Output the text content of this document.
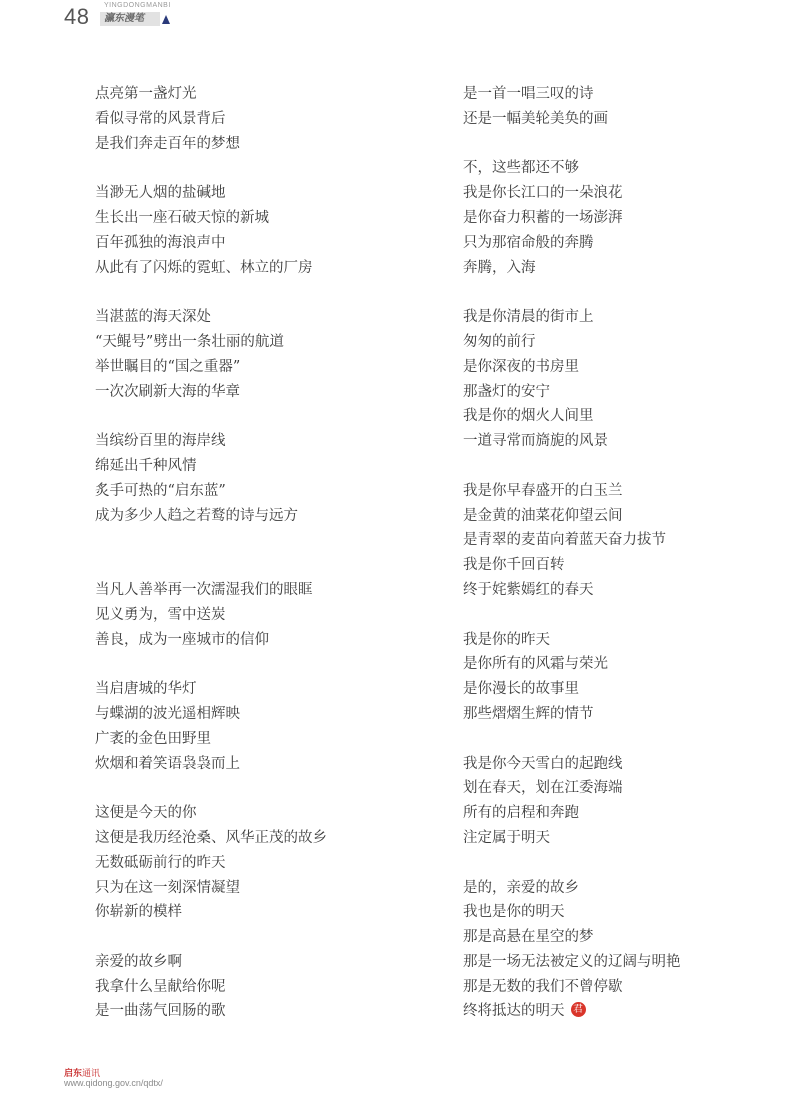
48 YINGDONGMANBI
瀛东漫笔
点亮第一盏灯光
看似寻常的风景背后
是我们奔走百年的梦想
当渺无人烟的盐碱地
生长出一座石破天惊的新城
百年孤独的海浪声中
从此有了闪烁的霓虹、林立的厂房
当湛蓝的海天深处
“天鲲号”劈出一条壮丽的航道
举世瞩目的“国之重器”
一次次刷新大海的华章
当缤纷百里的海岸线
绵延出千种风情
炙手可热的“启东蓝”
成为多少人趋之若鹜的诗与远方
当凡人善举再一次濡湿我们的眼眶
见义勇为，雪中送炭
善良，成为一座城市的信仰
当启唐城的华灯
与蝶湖的波光遥相辉映
广袤的金色田野里
炊烟和着笑语袅袅而上
这便是今天的你
这便是我历经沧桑、风华正茂的故乡
无数砥砺前行的昨天
只为在这一刻深情凝望
你崭新的模样
亲爱的故乡啊
我拿什么呈献给你呢
是一曲荡气回肠的歌
是一首一唱三叹的诗
还是一幅美轮美奂的画
不，这些都还不够
我是你长江口的一朵浪花
是你奋力积蓄的一场澎湃
只为那宿命般的奔腾
奔腾，入海
我是你清晨的街市上
匆匆的前行
是你深夜的书房里
那盏灯的安宁
我是你的烟火人间里
一道寻常而旖旎的风景
我是你早春盛开的白玉兰
是金黄的油菜花仰望云间
是青翠的麦苗向着蓝天奋力拔节
我是你千回百转
终于姹紫嫣红的春天
我是你的昨天
是你所有的风霜与荣光
是你漫长的故事里
那些熠熠生辉的情节
我是你今天雪白的起跑线
划在春天，划在江委海端
所有的启程和奔跑
注定属于明天
是的，亲爱的故乡
我也是你的明天
那是高悬在星空的梦
那是一场无法被定义的辽阔与明艳
那是无数的我们不曾停歇
终将抵达的明天 君
启东通讯
www.qidong.gov.cn/qdtx/
